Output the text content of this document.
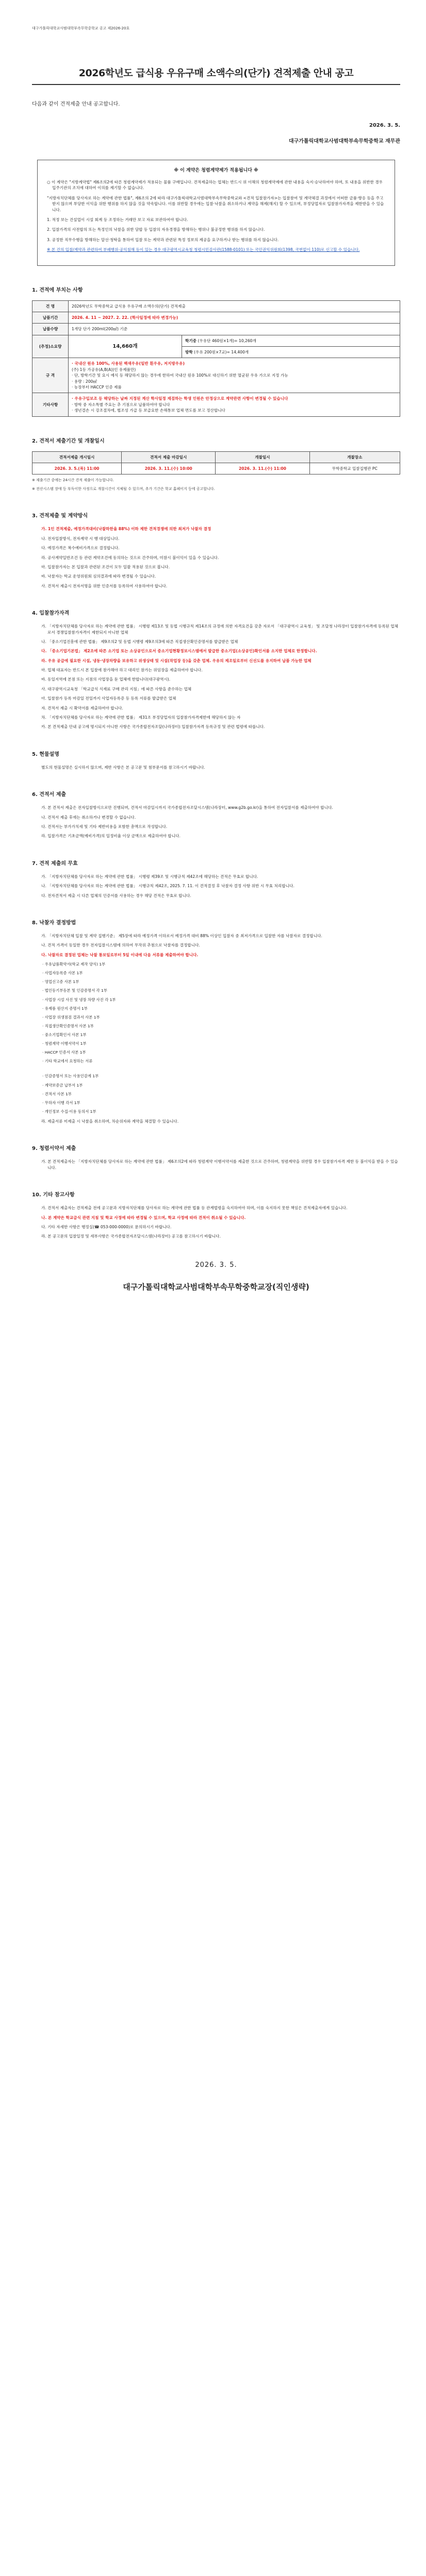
대구가톨릭대학교사범대학부속무학중학교 공고 제2026-20호
2026학년도 급식용 우유구매 소액수의(단가) 견적제출 안내 공고
다음과 같이 견적제출 안내 공고합니다.
2026. 3. 5.
대구가톨릭대학교사범대학부속무학중학교 재무관
※ 이 계약은 청렴계약제가 적용됩니다 ※

○ 이 계약은 "지방계약법" 제6조의2에 따른 청렴계약제가 적용되는 물품 구매입니다. 견적제출하는 업체는 반드시 위 이해의 청렴계약제에 관한 내용을 숙지·승낙하여야 하며, 또 내용을 위반한 경우 입주기관의 조치에 대하여 이의를 제기할 수 없습니다.

"지방자치단체를 당사자로 하는 계약에 관한 법률", 제6조의 2에 따라 대구가톨릭대학교사범대학부속무학중학교와 <견적 입찰참가자>는 입찰참여 및 계약체결 과정에서 어떠한 금품·향응 등을 주고받지 않으며 부당한 이익을 위한 행위를 하지 않을 것을 약속합니다. 이를 위반할 경우에는 입찰·낙찰을 취소하거나 계약을 해제(해지) 할 수 있으며, 부정당업자로 입찰참가자격을 제한받을 수 있습니다.

1. 적정 보는 건설업이 시설 회계 등 조정하는 거래만 보고 자료 보관하여야 합니다.

2. 입찰가격의 사전합의 또는 특정인의 낙찰을 위한 담합 등 입찰의 자유경쟁을 방해하는 행위나 불공정한 행위를 하지 않습니다.

3. 공정한 직무수행을 방해하는 알선·청탁을 통하여 입찰 또는 계약과 관련된 특정 정보의 제공을 요구하거나 받는 행위를 하지 않습니다.

※ 본 건의 입찰/계약과 관련하여 부패행위·공익침해 등이 있는 경우 대구광역시교육청 청렴시민감사관(1588-0101) 또는 국민권익위원회(1398, 국번없이 110)로 신고할 수 있습니다.

1. 견적에 부치는 사항
건 명	2026학년도 무학중학교 급식용 우유구매 소액수의(단가) 견적제출	
납품기간	2026. 4. 11 ~ 2027. 2. 22. (학사일정에 따라 변경가능)	
납품수량	1개당 단가 200ml(200㎖) 기준	
(추정)소요량	14,660개	학기중 (우유단 460원×1개)= 10,260개
		방학 (우유 200원×7교)= 14,400개
규 격	· 국내산 원유 100%, 사용된 백색우유(일반 흰우유, 저지방우유)
(주) 1등 가공유(A,B(A))인 유제품만)
· 단, 방학기간 및 요시 예식 등 해당하지 않는 경우에 한하여 국내산 원유 100%로 대신하기 위한 멸균된 우유 가으로 지정 가능
· 용량 : 200㎖
· 농장부터 HACCP 인증 제품	

기타사항	· 우유구입보조 등 해당하는 날짜 지정된 계산 학사일정 재검하는 학생 인원은 안정상으로 계약관련 사항이 변경될 수 있습니다
· 방학 중 자소특별 주요는 추 기점으로 납품하여야 합니다
· 생년결손 시 강조절차에, 협조성 가급 등 보급요한 손해통보 업체 면도를 보고 정산합니다	
2. 견적서 제출기간 및 개찰일시
견적서제출 개시일시	견적서 제출 마감일시	개찰일시	개찰장소
2026. 3. 5.(목) 11:00	2026. 3. 11.(수) 10:00	2026. 3. 11.(수) 11:00	무학중학교 입찰집행관 PC
※ 제출기간 중에는 24시간 견적 제출이 가능합니다.
※ 전산시스템 장애 등 부득이한 사정으로 개찰시간이 지체될 수 있으며, 추가 기간은 학교 홈페이지 등에 공고합니다.
3. 견적제출 및 계약방식

가. 1인 견적제출, 예정가격대비(낙찰하한율 88%) 이하 제한 견적경쟁에 의한 최저가 낙찰자 결정

나. 전자입찰방식, 전자계약 시 행 대상입니다.

다. 예정가격은 복수예비가격으로 결정합니다.

라. 공사계약일반조건 등 관련 계약조건에 동의하는 것으로 간주하며, 미참시 불이익이 있을 수 있습니다.

마. 입찰참가자는 본 입찰과 관련된 조건이 모두 일괄 적용된 것으로 봅니다.

바. 낙찰자는 학교 운영위원회 심의결과에 따라 변경될 수 있습니다.

사. 견적서 제출시 전자서명을 위한 인증서를 등록하여 사용하여야 합니다.

4. 입찰참가자격

가. 「지방자치단체를 당사자로 하는 계약에 관한 법률」 시행령 제13조 및 동법 시행규칙 제14조의 규정에 의한 자격요건을 갖춘 자로서 「대구광역시 교육청」 및 조달청 나라장터 입찰참가자격에 등록된 업체로서 경쟁입찰참가자격이 제한되지 아니한 업체

나. 「중소기업진흥에 관한 법률」 제9조의2 및 동법 시행령 제9조의3에 따른 직접생산확인증명서를 발급받은 업체

다. 「중소기업기본법」 제2조에 따른 소기업 또는 소상공인으로서 중소기업현황정보시스템에서 발급한 중소기업(소상공인)확인서를 소지한 업체로 한정합니다.

라. 우유 공급에 필요한 시설, 냉동·냉장차량을 보유하고 위생상태 및 시설(작업장 등)을 갖춘 업체. 우유의 제조일로부터 신선도를 유지하여 납품 가능한 업체

마. 업체 대표자는 반드시 본 입찰에 참가해야 하고 대리인 참가는 위임장을 제출하여야 합니다.

바. 동일지역에 본점 또는 지점의 사업장을 둔 업체에 한합니다(대구광역시).

사. 대구광역시교육청 「학교급식 식재료 구매 관리 지침」에 따른 사항을 준수하는 업체

아. 입찰참가 등록 마감일 전일까지 사업자등록증 등 등록 서류를 발급받은 업체

자. 견적서 제출 시 확약서를 제출하여야 합니다.

차. 「지방자치단체를 당사자로 하는 계약에 관한 법률」 제31조 부정당업자의 입찰참가자격제한에 해당하지 않는 자

카. 본 견적제출 안내 공고에 명시되지 아니한 사항은 국가종합전자조달(나라장터) 입찰참가자격 등록규정 및 관련 법령에 따릅니다.

5. 현물설명

별도의 현물설명은 실시하지 않으며, 제반 사항은 본 공고문 및 첨부문서를 참고하시기 바랍니다.

6. 견적서 제출

가. 본 견적서 제출은 전자입찰방식으로만 진행되며, 견적서 마감일시까지 국가종합전자조달시스템(나라장터, www.g2b.go.kr)을 통하여 전자입찰서를 제출하여야 합니다.

나. 견적서 제출 후에는 취소하거나 변경할 수 없습니다.

다. 견적서는 부가가치세 및 기타 제반비용을 포함한 총액으로 작성합니다.

라. 입찰가격은 기초금액(예비가격)의 일정비율 이상 금액으로 제출하여야 합니다.

7. 견적 제출의 무효

가. 「지방자치단체를 당사자로 하는 계약에 관한 법률」 시행령 제39조 및 시행규칙 제42조에 해당하는 견적은 무효로 합니다.

나. 「지방자치단체를 당사자로 하는 계약에 관한 법률」 시행규칙 제42조, 2025. 7. 11. 이 견적결정 후 낙찰자 결정 사항 위반 시 무효 처리합니다.

다. 전자견적서 제출 시 다른 업체의 인증서를 사용하는 경우 해당 견적은 무효로 합니다.

8. 낙찰자 결정방법

가. 「지방자치단체 입찰 및 계약 집행기준」 제5장에 따라 예정가격 이하로서 예정가격 대비 88% 이상인 입찰자 중 최저가격으로 입찰한 자를 낙찰자로 결정합니다.

나. 견적 가격이 동일한 경우 전자입찰시스템에 의하여 무작위 추첨으로 낙찰자를 결정합니다.

다. 낙찰자로 결정된 업체는 낙찰 통보일로부터 5일 이내에 다음 서류를 제출하여야 합니다.

· 우유납품확약서(학교 제작 양식) 1부

· 사업자등록증 사본 1부

· 영업신고증 사본 1부

· 법인등기부등본 및 인감증명서 각 1부

· 사업장 시설 사진 및 냉장 차량 사진 각 1부

· 유제품 원산지 증명서 1부

· 사업장 위생점검 결과서 사본 1부

· 직접생산확인증명서 사본 1부

· 중소기업확인서 사본 1부

· 청렴계약 이행서약서 1부

· HACCP 인증서 사본 1부

· 기타 학교에서 요청하는 서류

· 인감증명서 또는 사용인감계 1부

· 계약보증금 납부서 1부

· 견적서 사본 1부

· 무하자 이행 각서 1부

· 개인정보 수집·이용 동의서 1부

라. 제출서류 미제출 시 낙찰을 취소하며, 차순위자와 계약을 체결할 수 있습니다.

9. 청렴서약서 제출

가. 본 견적제출자는 「지방자치단체를 당사자로 하는 계약에 관한 법률」 제6조의2에 따라 청렴계약 이행서약서를 제출한 것으로 간주하며, 청렴계약을 위반할 경우 입찰참가자격 제한 등 불이익을 받을 수 있습니다.

10. 기타 참고사항

가. 견적서 제출자는 견적제출 전에 공고문과 지방자치단체를 당사자로 하는 계약에 관한 법률 등 관계법령을 숙지하여야 하며, 이를 숙지하지 못한 책임은 견적제출자에게 있습니다.

나. 본 계약은 학교급식 관련 지침 및 학교 사정에 따라 변경될 수 있으며, 학교 사정에 따라 견적이 취소될 수 있습니다.

다. 기타 자세한 사항은 행정실(☎ 053-000-0000)로 문의하시기 바랍니다.

라. 본 공고문의 입찰일정 및 세부사항은 국가종합전자조달시스템(나라장터) 공고를 참고하시기 바랍니다.

2026. 3. 5.
대구가톨릭대학교사범대학부속무학중학교장(직인생략)
